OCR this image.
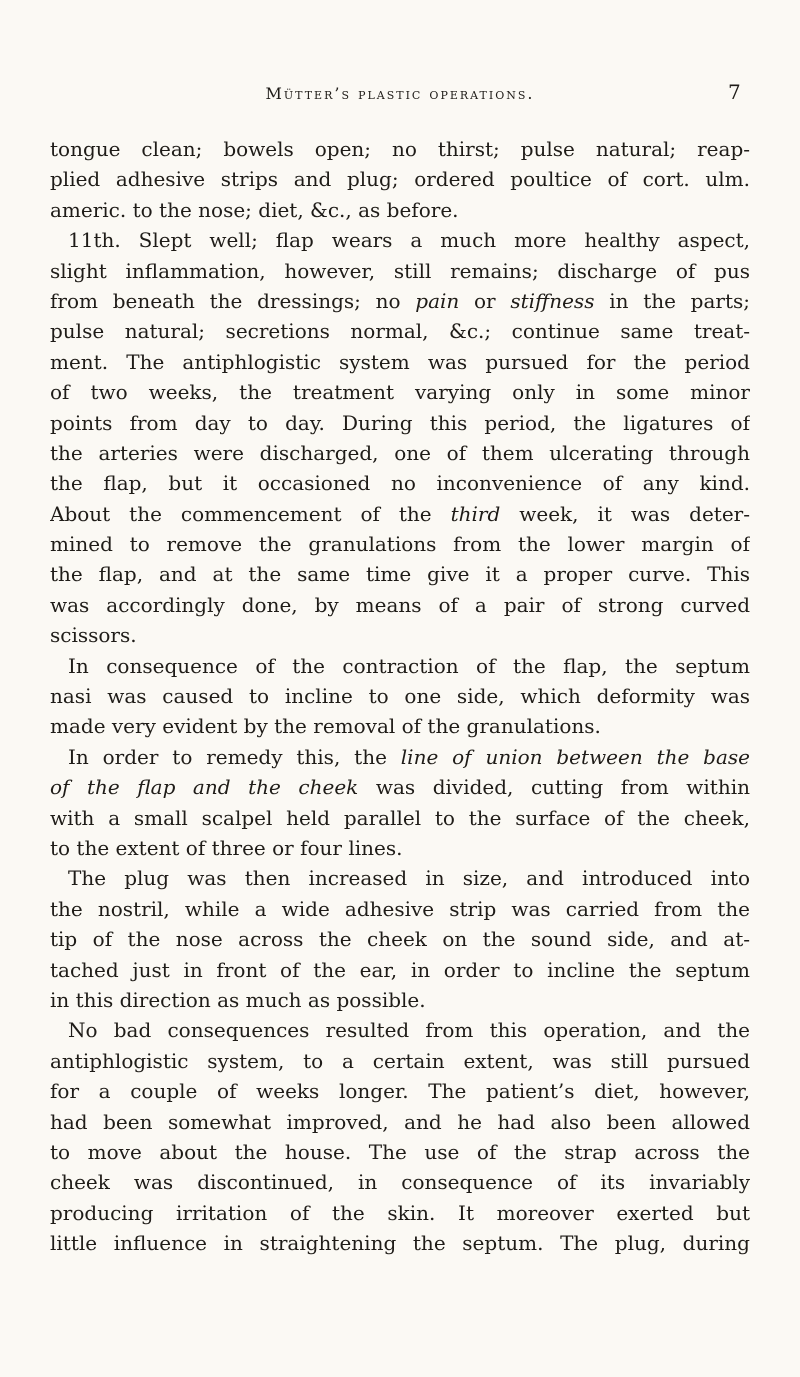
Mütter’s plastic operations.	7
tongue clean; bowels open; no thirst; pulse natural; reap-
plied adhesive strips and plug; ordered poultice of cort. ulm.
americ. to the nose; diet, &c., as before.
11th. Slept well; flap wears a much more healthy aspect,
slight inflammation, however, still remains; discharge of pus
from beneath the dressings; no pain or stiffness in the parts;
pulse natural; secretions normal, &c.; continue same treat-
ment. The antiphlogistic system was pursued for the period
of two weeks, the treatment varying only in some minor
points from day to day. During this period, the ligatures of
the arteries were discharged, one of them ulcerating through
the flap, but it occasioned no inconvenience of any kind.
About the commencement of the third week, it was deter-
mined to remove the granulations from the lower margin of
the flap, and at the same time give it a proper curve. This
was accordingly done, by means of a pair of strong curved
scissors.
In consequence of the contraction of the flap, the septum
nasi was caused to incline to one side, which deformity was
made very evident by the removal of the granulations.
In order to remedy this, the line of union between the base
of the flap and the cheek was divided, cutting from within
with a small scalpel held parallel to the surface of the cheek,
to the extent of three or four lines.
The plug was then increased in size, and introduced into
the nostril, while a wide adhesive strip was carried from the
tip of the nose across the cheek on the sound side, and at-
tached just in front of the ear, in order to incline the septum
in this direction as much as possible.
No bad consequences resulted from this operation, and the
antiphlogistic system, to a certain extent, was still pursued
for a couple of weeks longer. The patient’s diet, however,
had been somewhat improved, and he had also been allowed
to move about the house. The use of the strap across the
cheek was discontinued, in consequence of its invariably
producing irritation of the skin. It moreover exerted but
little influence in straightening the septum. The plug, during
